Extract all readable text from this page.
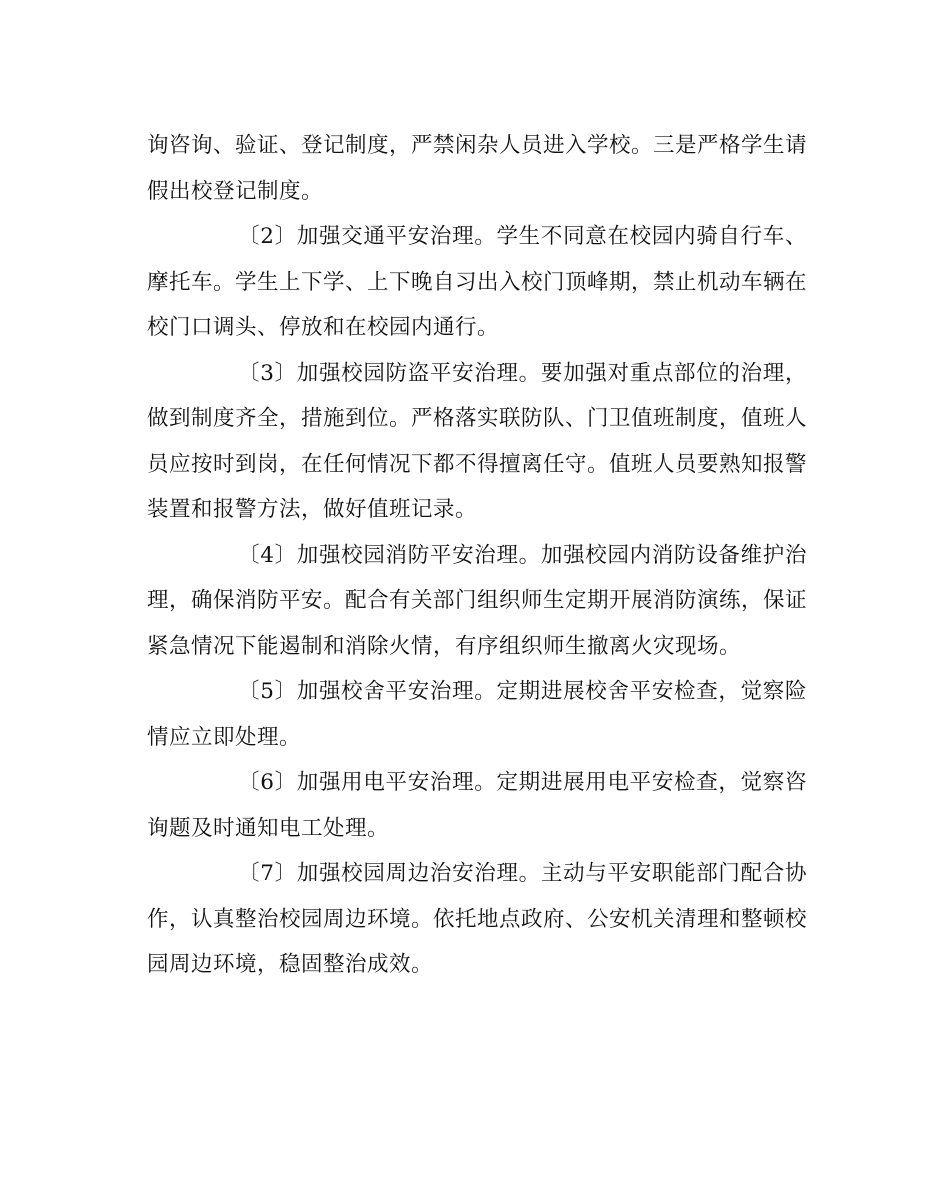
询咨询、验证、登记制度，严禁闲杂人员进入学校。三是严格学生请假出校登记制度。

〔2〕加强交通平安治理。学生不同意在校园内骑自行车、摩托车。学生上下学、上下晚自习出入校门顶峰期，禁止机动车辆在校门口调头、停放和在校园内通行。

〔3〕加强校园防盗平安治理。要加强对重点部位的治理，做到制度齐全，措施到位。严格落实联防队、门卫值班制度，值班人员应按时到岗，在任何情况下都不得擅离任守。值班人员要熟知报警装置和报警方法，做好值班记录。

〔4〕加强校园消防平安治理。加强校园内消防设备维护治理，确保消防平安。配合有关部门组织师生定期开展消防演练，保证紧急情况下能遏制和消除火情，有序组织师生撤离火灾现场。

〔5〕加强校舍平安治理。定期进展校舍平安检查，觉察险情应立即处理。

〔6〕加强用电平安治理。定期进展用电平安检查，觉察咨询题及时通知电工处理。

〔7〕加强校园周边治安治理。主动与平安职能部门配合协作，认真整治校园周边环境。依托地点政府、公安机关清理和整顿校园周边环境，稳固整治成效。
